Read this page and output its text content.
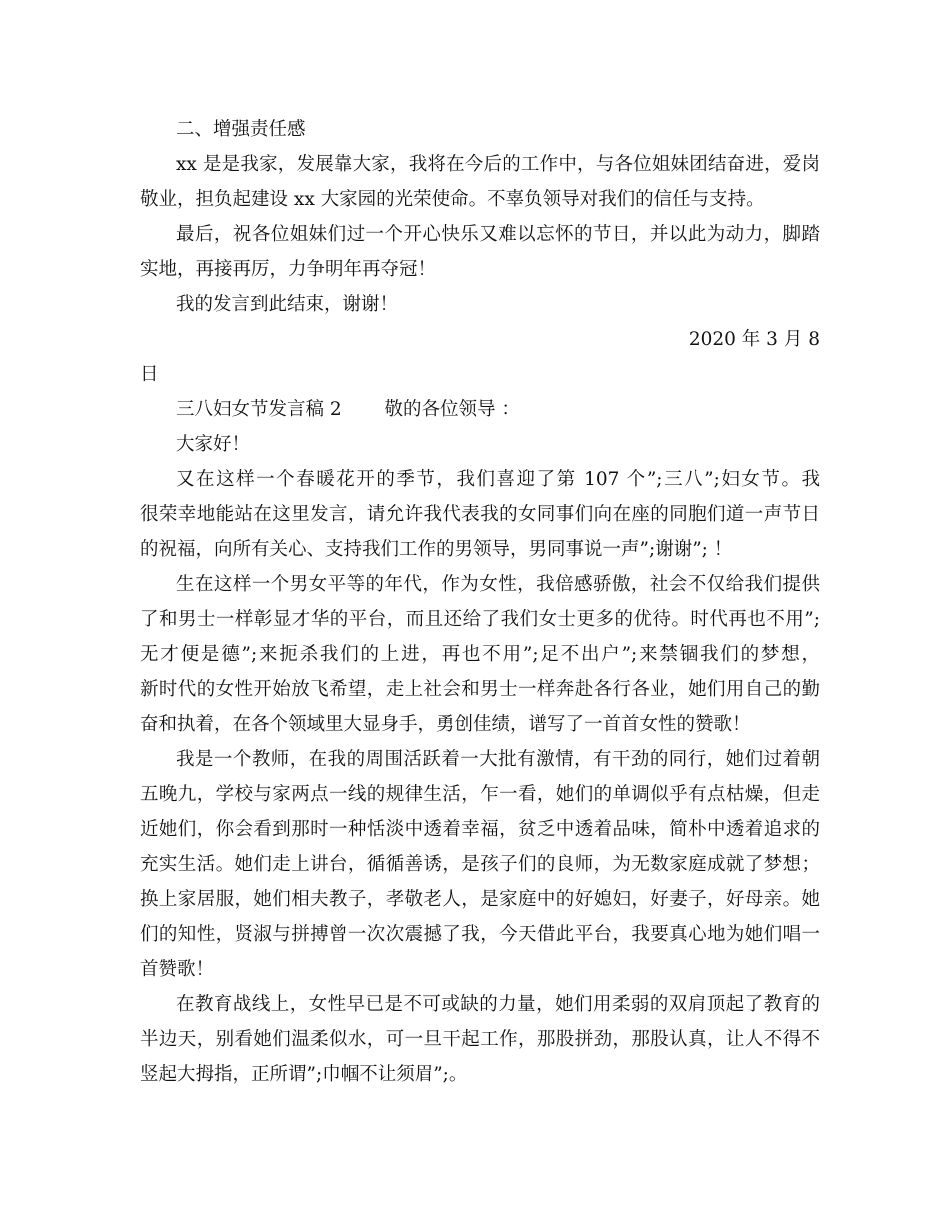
二、增强责任感
xx 是是我家，发展靠大家，我将在今后的工作中，与各位姐妹团结奋进，爱岗
敬业，担负起建设 xx 大家园的光荣使命。不辜负领导对我们的信任与支持。
最后，祝各位姐妹们过一个开心快乐又难以忘怀的节日，并以此为动力，脚踏
实地，再接再厉，力争明年再夺冠！
我的发言到此结束，谢谢！
2020 年 3 月 8
日
三八妇女节发言稿 2　　 敬的各位领导 ：
大家好！
又在这样一个春暖花开的季节，我们喜迎了第 107 个”;三八”;妇女节。我
很荣幸地能站在这里发言，请允许我代表我的女同事们向在座的同胞们道一声节日
的祝福，向所有关心、支持我们工作的男领导，男同事说一声”;谢谢”; ！
生在这样一个男女平等的年代，作为女性，我倍感骄傲，社会不仅给我们提供
了和男士一样彰显才华的平台，而且还给了我们女士更多的优待。时代再也不用”;
无才便是德”;来扼杀我们的上进，再也不用”;足不出户”;来禁锢我们的梦想，
新时代的女性开始放飞希望，走上社会和男士一样奔赴各行各业，她们用自己的勤
奋和执着，在各个领域里大显身手，勇创佳绩，谱写了一首首女性的赞歌！
我是一个教师，在我的周围活跃着一大批有激情，有干劲的同行，她们过着朝
五晚九，学校与家两点一线的规律生活，乍一看，她们的单调似乎有点枯燥，但走
近她们，你会看到那时一种恬淡中透着幸福，贫乏中透着品味，简朴中透着追求的
充实生活。她们走上讲台，循循善诱，是孩子们的良师，为无数家庭成就了梦想；
换上家居服，她们相夫教子，孝敬老人，是家庭中的好媳妇，好妻子，好母亲。她
们的知性，贤淑与拼搏曾一次次震撼了我，今天借此平台，我要真心地为她们唱一
首赞歌！
在教育战线上，女性早已是不可或缺的力量，她们用柔弱的双肩顶起了教育的
半边天，别看她们温柔似水，可一旦干起工作，那股拼劲，那股认真，让人不得不
竖起大拇指，正所谓”;巾帼不让须眉”;。
